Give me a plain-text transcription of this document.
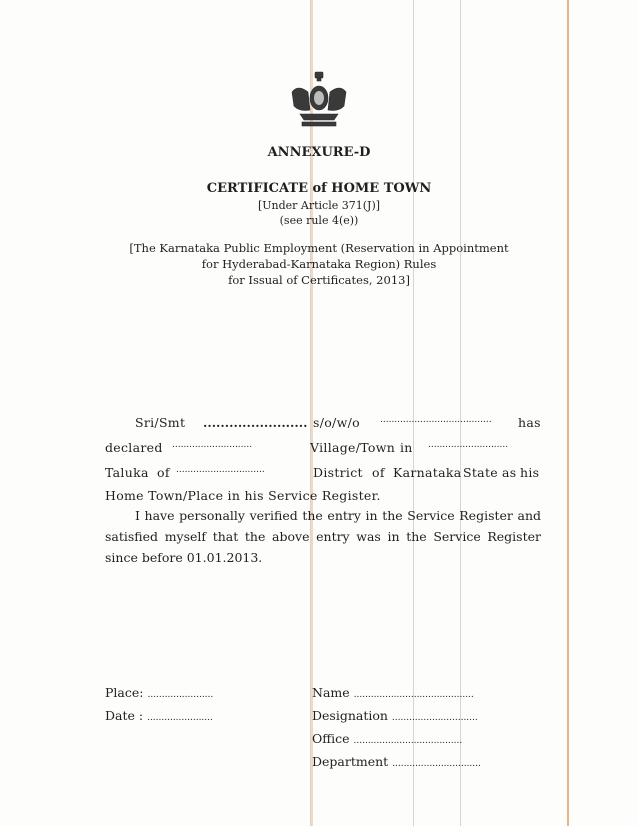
ANNEXURE-D
CERTIFICATE of HOME TOWN
[Under Article 371(J)]
(see rule 4(e))
[The Karnataka Public Employment (Reservation in Appointment
for Hyderabad-Karnataka Region) Rules
for Issual of Certificates, 2013]
Sri/Smt ........................ s/o/w/o ....................................... has
declared ............................	Village/Town in ............................
Taluka of ...............................	District of Karnataka State as his
Home Town/Place in his Service Register.
I have personally verified the entry in the Service Register and satisfied myself that the above entry was in the Service Register since before 01.01.2013.
Place: .......................
Date : .......................
Name ..........................................
Designation ..............................
Office ......................................
Department ...............................
